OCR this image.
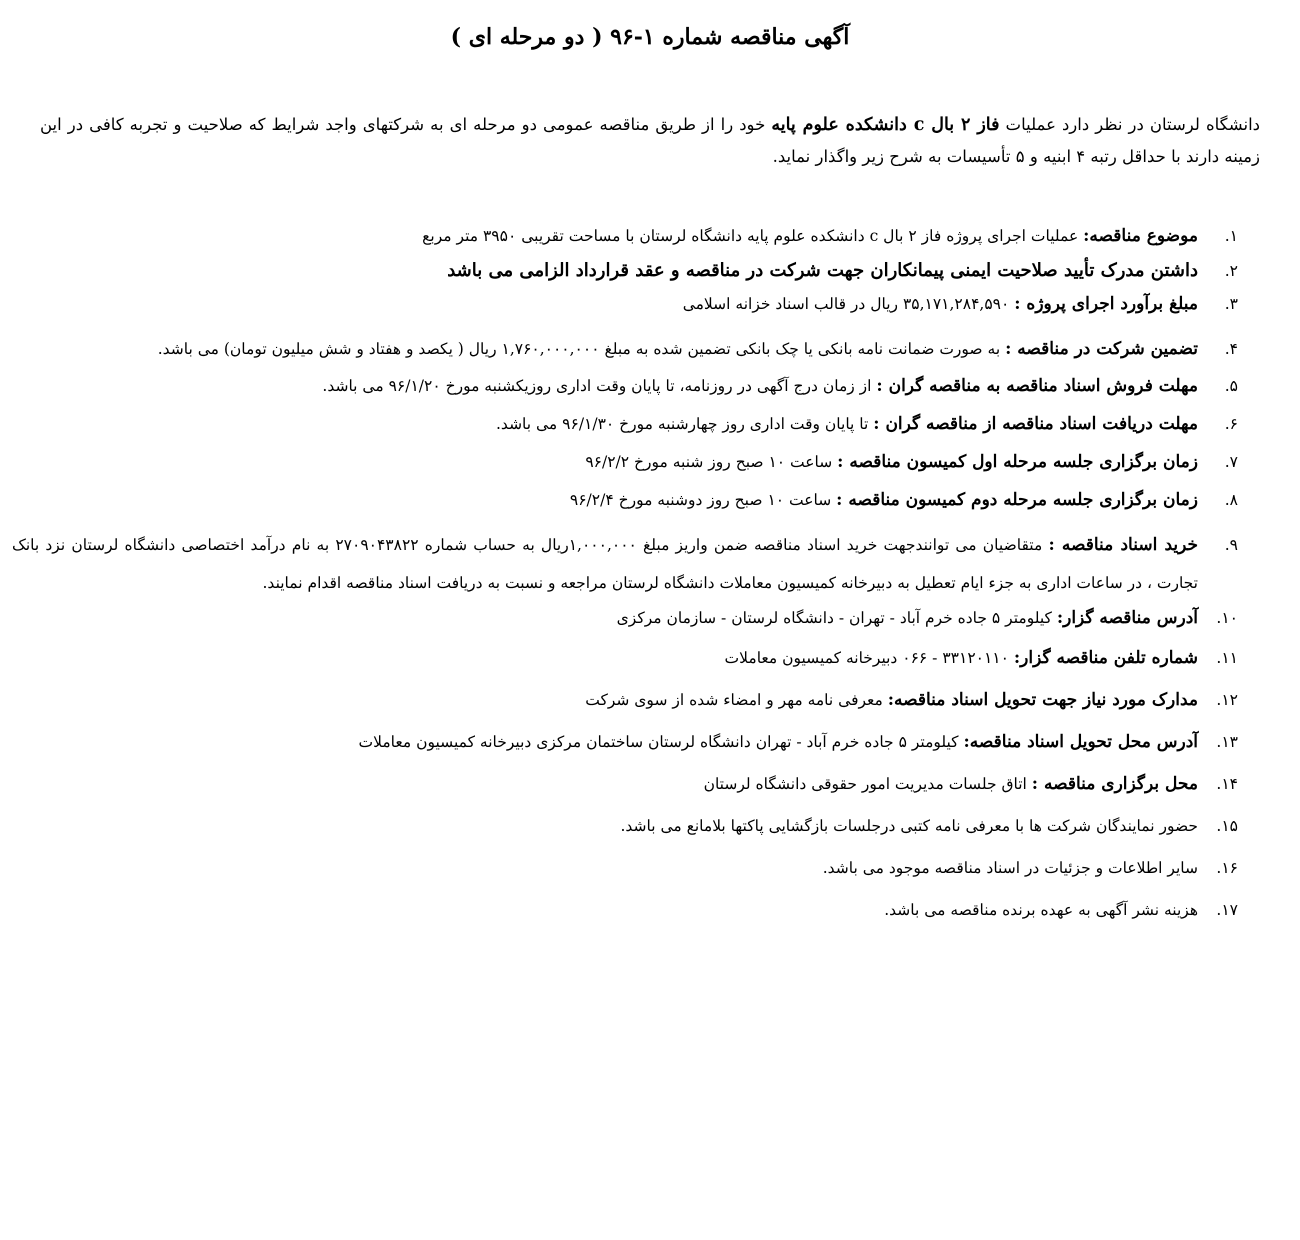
آگهی مناقصه شماره ۱-۹۶ ( دو مرحله ای )

دانشگاه لرستان در نظر دارد عملیات فاز ۲ بال c دانشکده علوم پایه خود را از طریق مناقصه عمومی دو مرحله ای به شرکتهای واجد شرایط که صلاحیت و تجربه کافی در این زمینه دارند با حداقل رتبه ۴ ابنیه و ۵ تأسیسات به شرح زیر واگذار نماید.

۱.
موضوع مناقصه: عملیات اجرای پروژه فاز ۲ بال c دانشکده علوم پایه دانشگاه لرستان با مساحت تقریبی ۳۹۵۰ متر مربع
۲.
داشتن مدرک تأیید صلاحیت ایمنی پیمانکاران جهت شرکت در مناقصه و عقد قرارداد الزامی می باشد
۳.
مبلغ برآورد اجرای پروژه : ۳۵,۱۷۱,۲۸۴,۵۹۰ ریال در قالب اسناد خزانه اسلامی
۴.
تضمین شرکت در مناقصه : به صورت ضمانت نامه بانکی یا چک بانکی تضمین شده به مبلغ ۱,۷۶۰,۰۰۰,۰۰۰ ریال ( یکصد و هفتاد و شش میلیون تومان) می باشد.
۵.
مهلت فروش اسناد مناقصه به مناقصه گران : از زمان درج آگهی در روزنامه، تا پایان وقت اداری روزیکشنبه مورخ ۹۶/۱/۲۰ می باشد.
۶.
مهلت دریافت اسناد مناقصه از مناقصه گران : تا پایان وقت اداری روز چهارشنبه مورخ ۹۶/۱/۳۰ می باشد.
۷.
زمان برگزاری جلسه مرحله اول کمیسون مناقصه : ساعت ۱۰ صبح روز شنبه مورخ ۹۶/۲/۲
۸.
زمان برگزاری جلسه مرحله دوم کمیسون مناقصه : ساعت ۱۰ صبح روز دوشنبه مورخ ۹۶/۲/۴
۹.
خرید اسناد مناقصه : متقاضیان می توانندجهت خرید اسناد مناقصه ضمن واریز مبلغ ۱,۰۰۰,۰۰۰ریال به حساب شماره ۲۷۰۹۰۴۳۸۲۲ به نام درآمد اختصاصی دانشگاه لرستان نزد بانک تجارت ، در ساعات اداری به جزء ایام تعطیل به دبیرخانه کمیسیون معاملات دانشگاه لرستان مراجعه و نسبت به دریافت اسناد مناقصه اقدام نمایند.
۱۰.
آدرس مناقصه گزار: کیلومتر ۵ جاده خرم آباد - تهران - دانشگاه لرستان - سازمان مرکزی
۱۱.
شماره تلفن مناقصه گزار: ۳۳۱۲۰۱۱۰ - ۰۶۶ دبیرخانه کمیسیون معاملات
۱۲.
مدارک مورد نیاز جهت تحویل اسناد مناقصه: معرفی نامه مهر و امضاء شده از سوی شرکت
۱۳.
آدرس محل تحویل اسناد مناقصه: کیلومتر ۵ جاده خرم آباد - تهران دانشگاه لرستان ساختمان مرکزی دبیرخانه کمیسیون معاملات
۱۴.
محل برگزاری مناقصه : اتاق جلسات مدیریت امور حقوقی دانشگاه لرستان
۱۵.
حضور نمایندگان شرکت ها با معرفی نامه کتبی درجلسات بازگشایی پاکتها بلامانع می باشد.
۱۶.
سایر اطلاعات و جزئیات در اسناد مناقصه موجود می باشد.
۱۷.
هزینه نشر آگهی به عهده برنده مناقصه می باشد.
